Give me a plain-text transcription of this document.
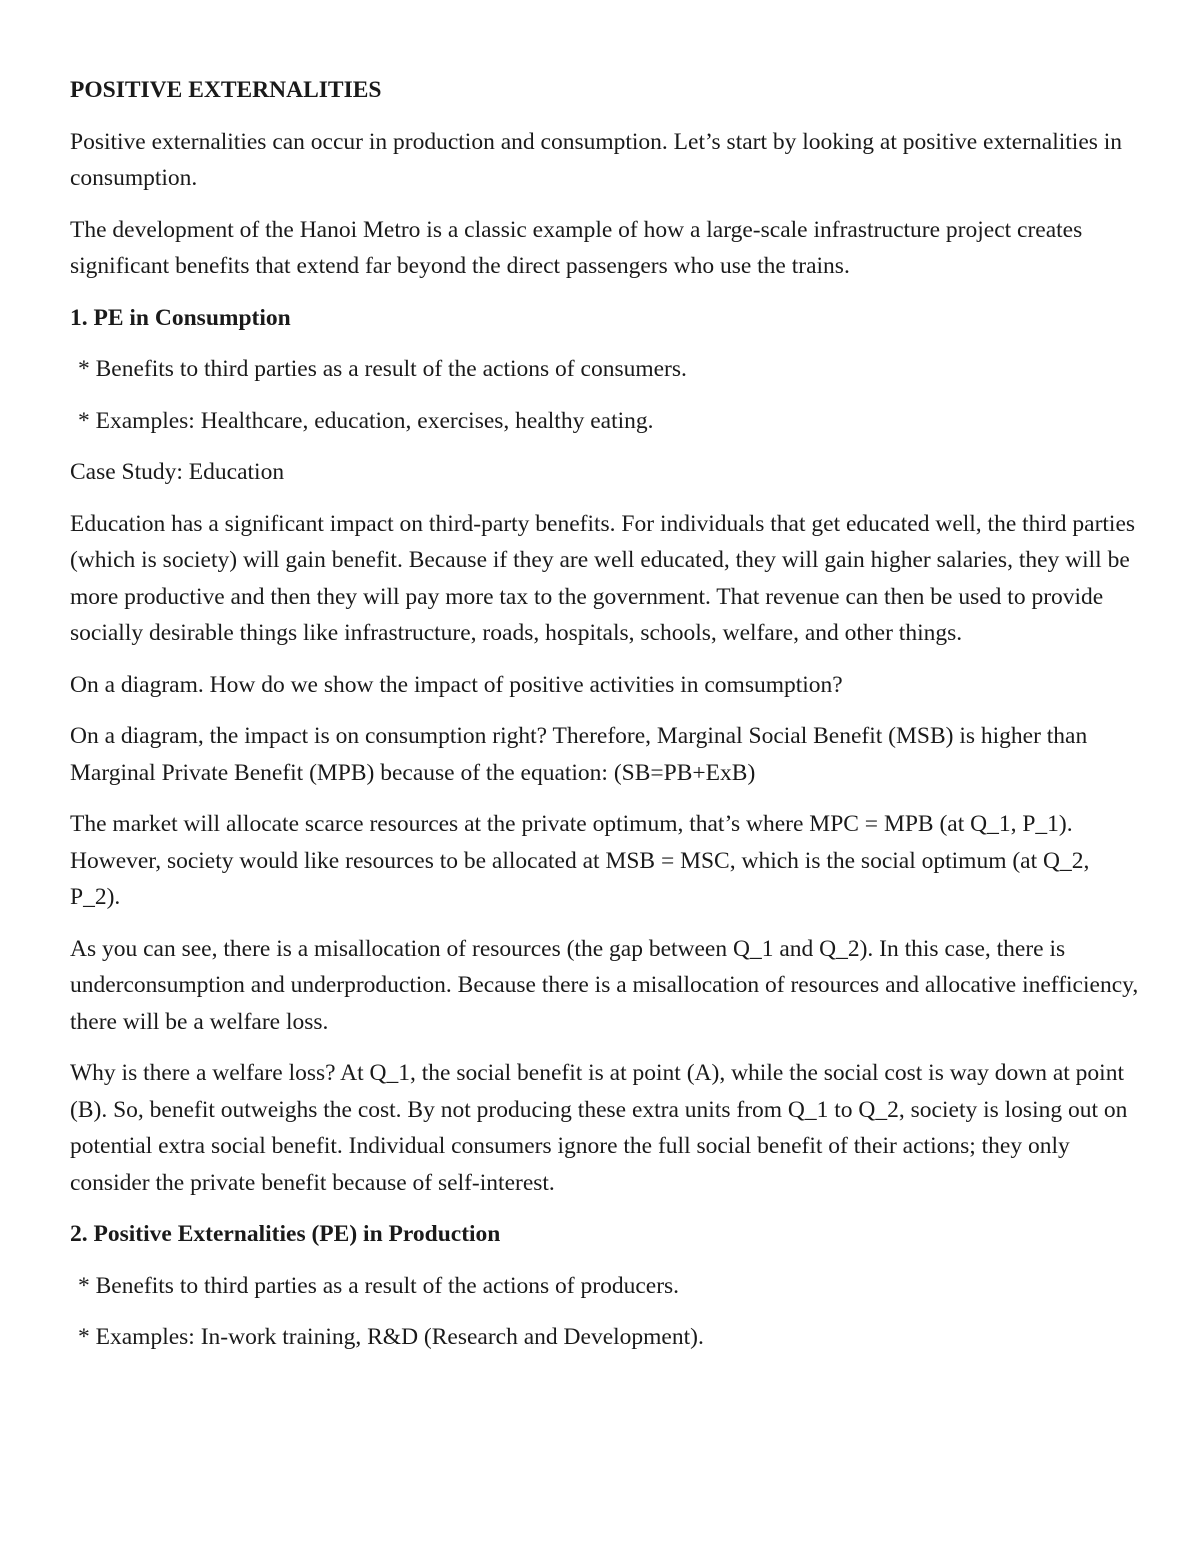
POSITIVE EXTERNALITIES

Positive externalities can occur in production and consumption. Let’s start by looking at positive externalities in consumption.

The development of the Hanoi Metro is a classic example of how a large-scale infrastructure project creates significant benefits that extend far beyond the direct passengers who use the trains.

1. PE in Consumption

* Benefits to third parties as a result of the actions of consumers.

* Examples: Healthcare, education, exercises, healthy eating.

Case Study: Education

Education has a significant impact on third-party benefits. For individuals that get educated well, the third parties (which is society) will gain benefit. Because if they are well educated, they will gain higher salaries, they will be more productive and then they will pay more tax to the government. That revenue can then be used to provide socially desirable things like infrastructure, roads, hospitals, schools, welfare, and other things.

On a diagram. How do we show the impact of positive activities in comsumption?

On a diagram, the impact is on consumption right? Therefore, Marginal Social Benefit (MSB) is higher than Marginal Private Benefit (MPB) because of the equation: (SB=PB+ExB)

The market will allocate scarce resources at the private optimum, that’s where MPC = MPB (at Q_1, P_1). However, society would like resources to be allocated at MSB = MSC, which is the social optimum (at Q_2, P_2).

As you can see, there is a misallocation of resources (the gap between Q_1 and Q_2). In this case, there is underconsumption and underproduction. Because there is a misallocation of resources and allocative inefficiency, there will be a welfare loss.

Why is there a welfare loss? At Q_1, the social benefit is at point (A), while the social cost is way down at point (B). So, benefit outweighs the cost. By not producing these extra units from Q_1 to Q_2, society is losing out on potential extra social benefit. Individual consumers ignore the full social benefit of their actions; they only consider the private benefit because of self-interest.

2. Positive Externalities (PE) in Production

* Benefits to third parties as a result of the actions of producers.

* Examples: In-work training, R&D (Research and Development).
